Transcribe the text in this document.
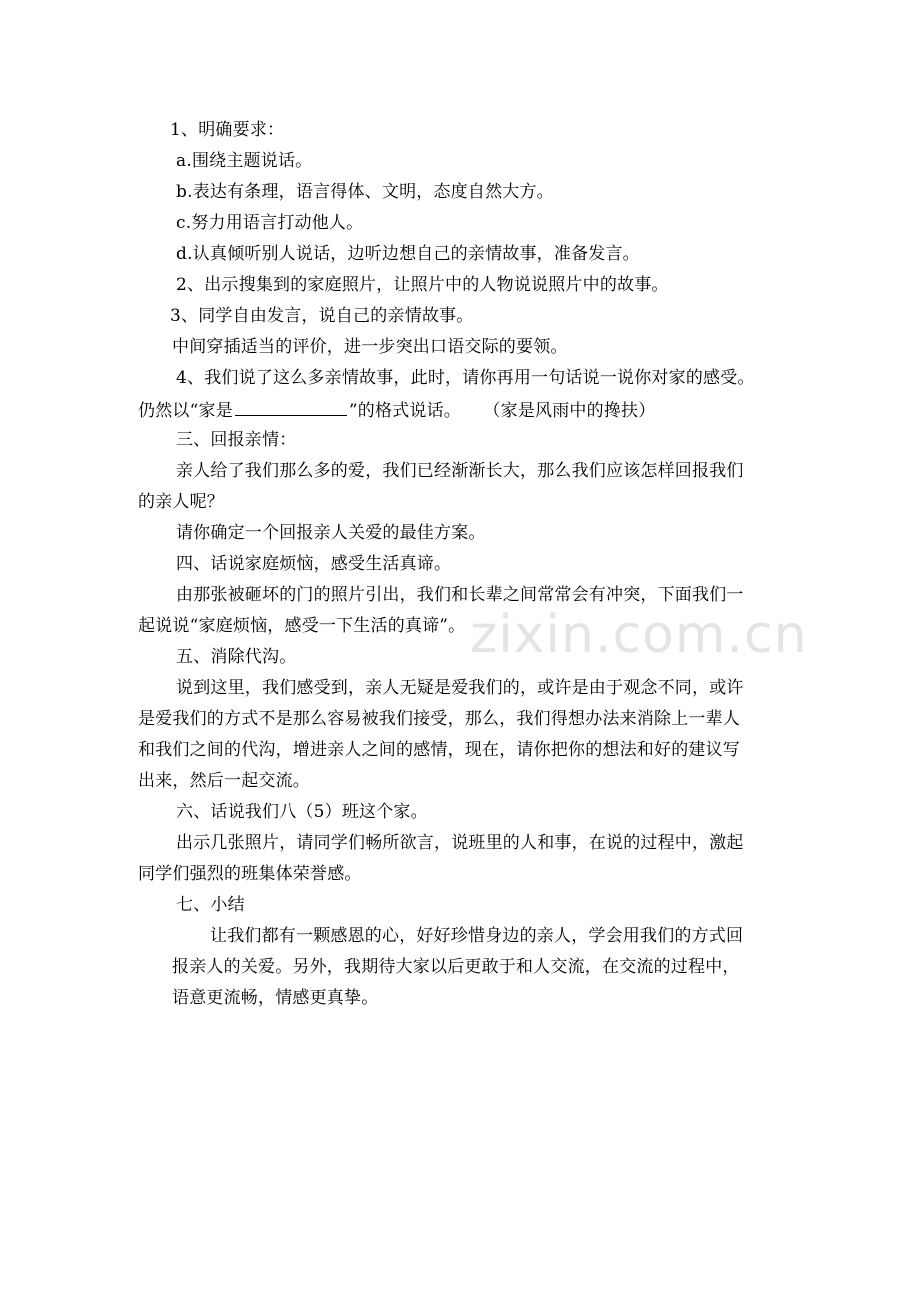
zixin.com.cn
1、明确要求：
a.围绕主题说话。
b.表达有条理，语言得体、文明，态度自然大方。
c.努力用语言打动他人。
d.认真倾听别人说话，边听边想自己的亲情故事，准备发言。
2、出示搜集到的家庭照片，让照片中的人物说说照片中的故事。
3、同学自由发言，说自己的亲情故事。
中间穿插适当的评价，进一步突出口语交际的要领。
4、我们说了这么多亲情故事，此时，请你再用一句话说一说你对家的感受。
仍然以“家是	”的格式说话。 （家是风雨中的搀扶）
三、回报亲情：
亲人给了我们那么多的爱，我们已经渐渐长大，那么我们应该怎样回报我们
的亲人呢？
请你确定一个回报亲人关爱的最佳方案。
四、话说家庭烦恼，感受生活真谛。
由那张被砸坏的门的照片引出，我们和长辈之间常常会有冲突，下面我们一
起说说“家庭烦恼，感受一下生活的真谛”。
五、消除代沟。
说到这里，我们感受到，亲人无疑是爱我们的，或许是由于观念不同，或许
是爱我们的方式不是那么容易被我们接受，那么，我们得想办法来消除上一辈人
和我们之间的代沟，增进亲人之间的感情，现在，请你把你的想法和好的建议写
出来，然后一起交流。
六、话说我们八（5）班这个家。
出示几张照片，请同学们畅所欲言，说班里的人和事，在说的过程中，激起
同学们强烈的班集体荣誉感。
七、小结
让我们都有一颗感恩的心，好好珍惜身边的亲人，学会用我们的方式回
报亲人的关爱。另外，我期待大家以后更敢于和人交流，在交流的过程中，
语意更流畅，情感更真挚。
